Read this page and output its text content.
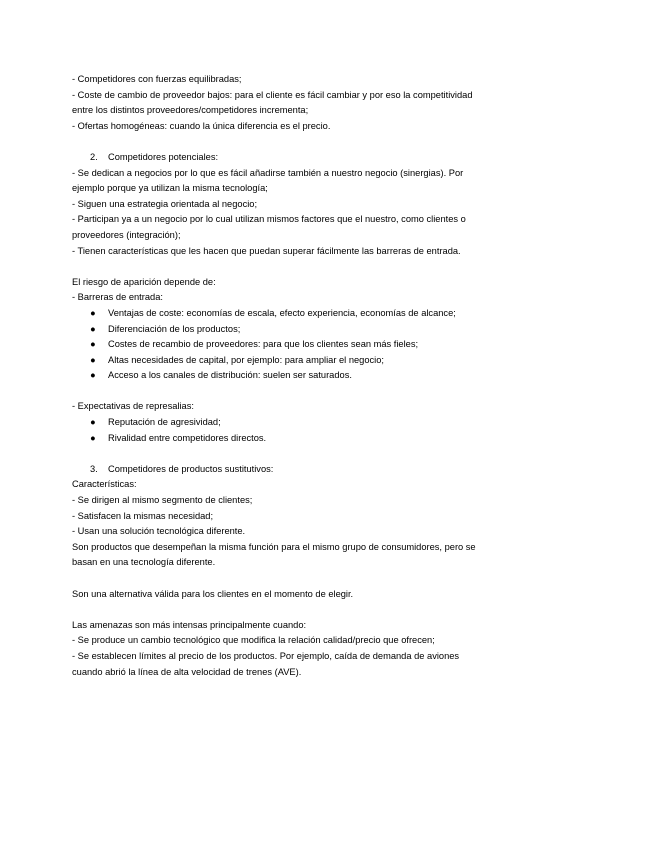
- Competidores con fuerzas equilibradas;
- Coste de cambio de proveedor bajos: para el cliente es fácil cambiar y por eso la competitividad
entre los distintos proveedores/competidores incrementa;
- Ofertas homogéneas: cuando la única diferencia es el precio.
2. Competidores potenciales:
- Se dedican a negocios por lo que es fácil añadirse también a nuestro negocio (sinergias). Por
ejemplo porque ya utilizan la misma tecnología;
- Siguen una estrategia orientada al negocio;
- Participan ya a un negocio por lo cual utilizan mismos factores que el nuestro, como clientes o
proveedores (integración);
- Tienen características que les hacen que puedan superar fácilmente las barreras de entrada.
El riesgo de aparición depende de:
- Barreras de entrada:
●	Ventajas de coste: economías de escala, efecto experiencia, economías de alcance;
●	Diferenciación de los productos;
●	Costes de recambio de proveedores: para que los clientes sean más fieles;
●	Altas necesidades de capital, por ejemplo: para ampliar el negocio;
●	Acceso a los canales de distribución: suelen ser saturados.
- Expectativas de represalias:
●	Reputación de agresividad;
●	Rivalidad entre competidores directos.
3. Competidores de productos sustitutivos:
Características:
- Se dirigen al mismo segmento de clientes;
- Satisfacen la mismas necesidad;
- Usan una solución tecnológica diferente.
Son productos que desempeñan la misma función para el mismo grupo de consumidores, pero se
basan en una tecnología diferente.
Son una alternativa válida para los clientes en el momento de elegir.
Las amenazas son más intensas principalmente cuando:
- Se produce un cambio tecnológico que modifica la relación calidad/precio que ofrecen;
- Se establecen límites al precio de los productos. Por ejemplo, caída de demanda de aviones
cuando abrió la línea de alta velocidad de trenes (AVE).
